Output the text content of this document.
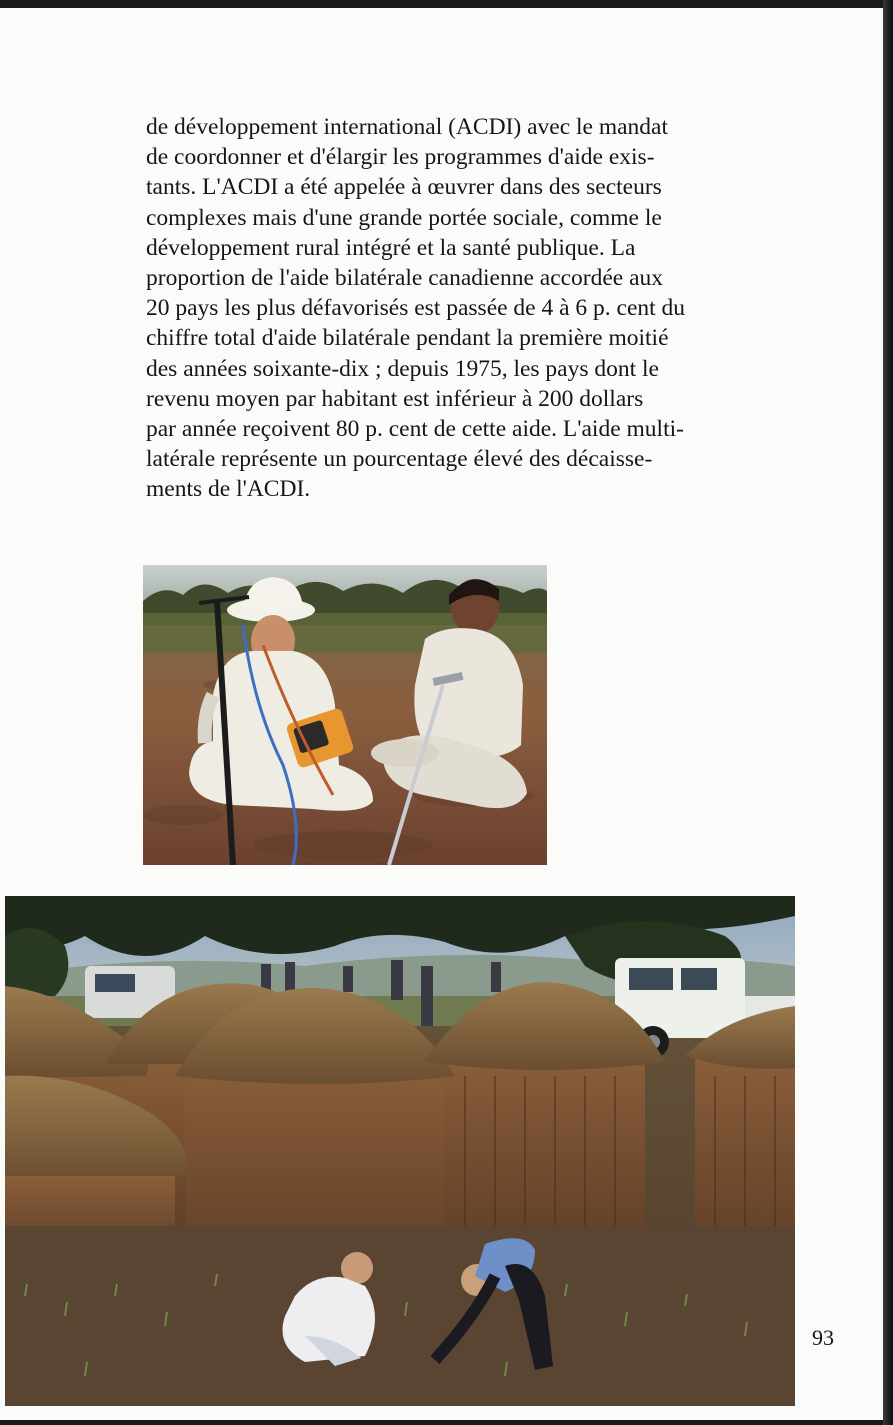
de développement international (ACDI) avec le mandat
de coordonner et d'élargir les programmes d'aide exis-
tants. L'ACDI a été appelée à œuvrer dans des secteurs
complexes mais d'une grande portée sociale, comme le
développement rural intégré et la santé publique. La
proportion de l'aide bilatérale canadienne accordée aux
20 pays les plus défavorisés est passée de 4 à 6 p. cent du
chiffre total d'aide bilatérale pendant la première moitié
des années soixante-dix ; depuis 1975, les pays dont le
revenu moyen par habitant est inférieur à 200 dollars
par année reçoivent 80 p. cent de cette aide. L'aide multi-
latérale représente un pourcentage élevé des décaisse-
ments de l'ACDI.
93
